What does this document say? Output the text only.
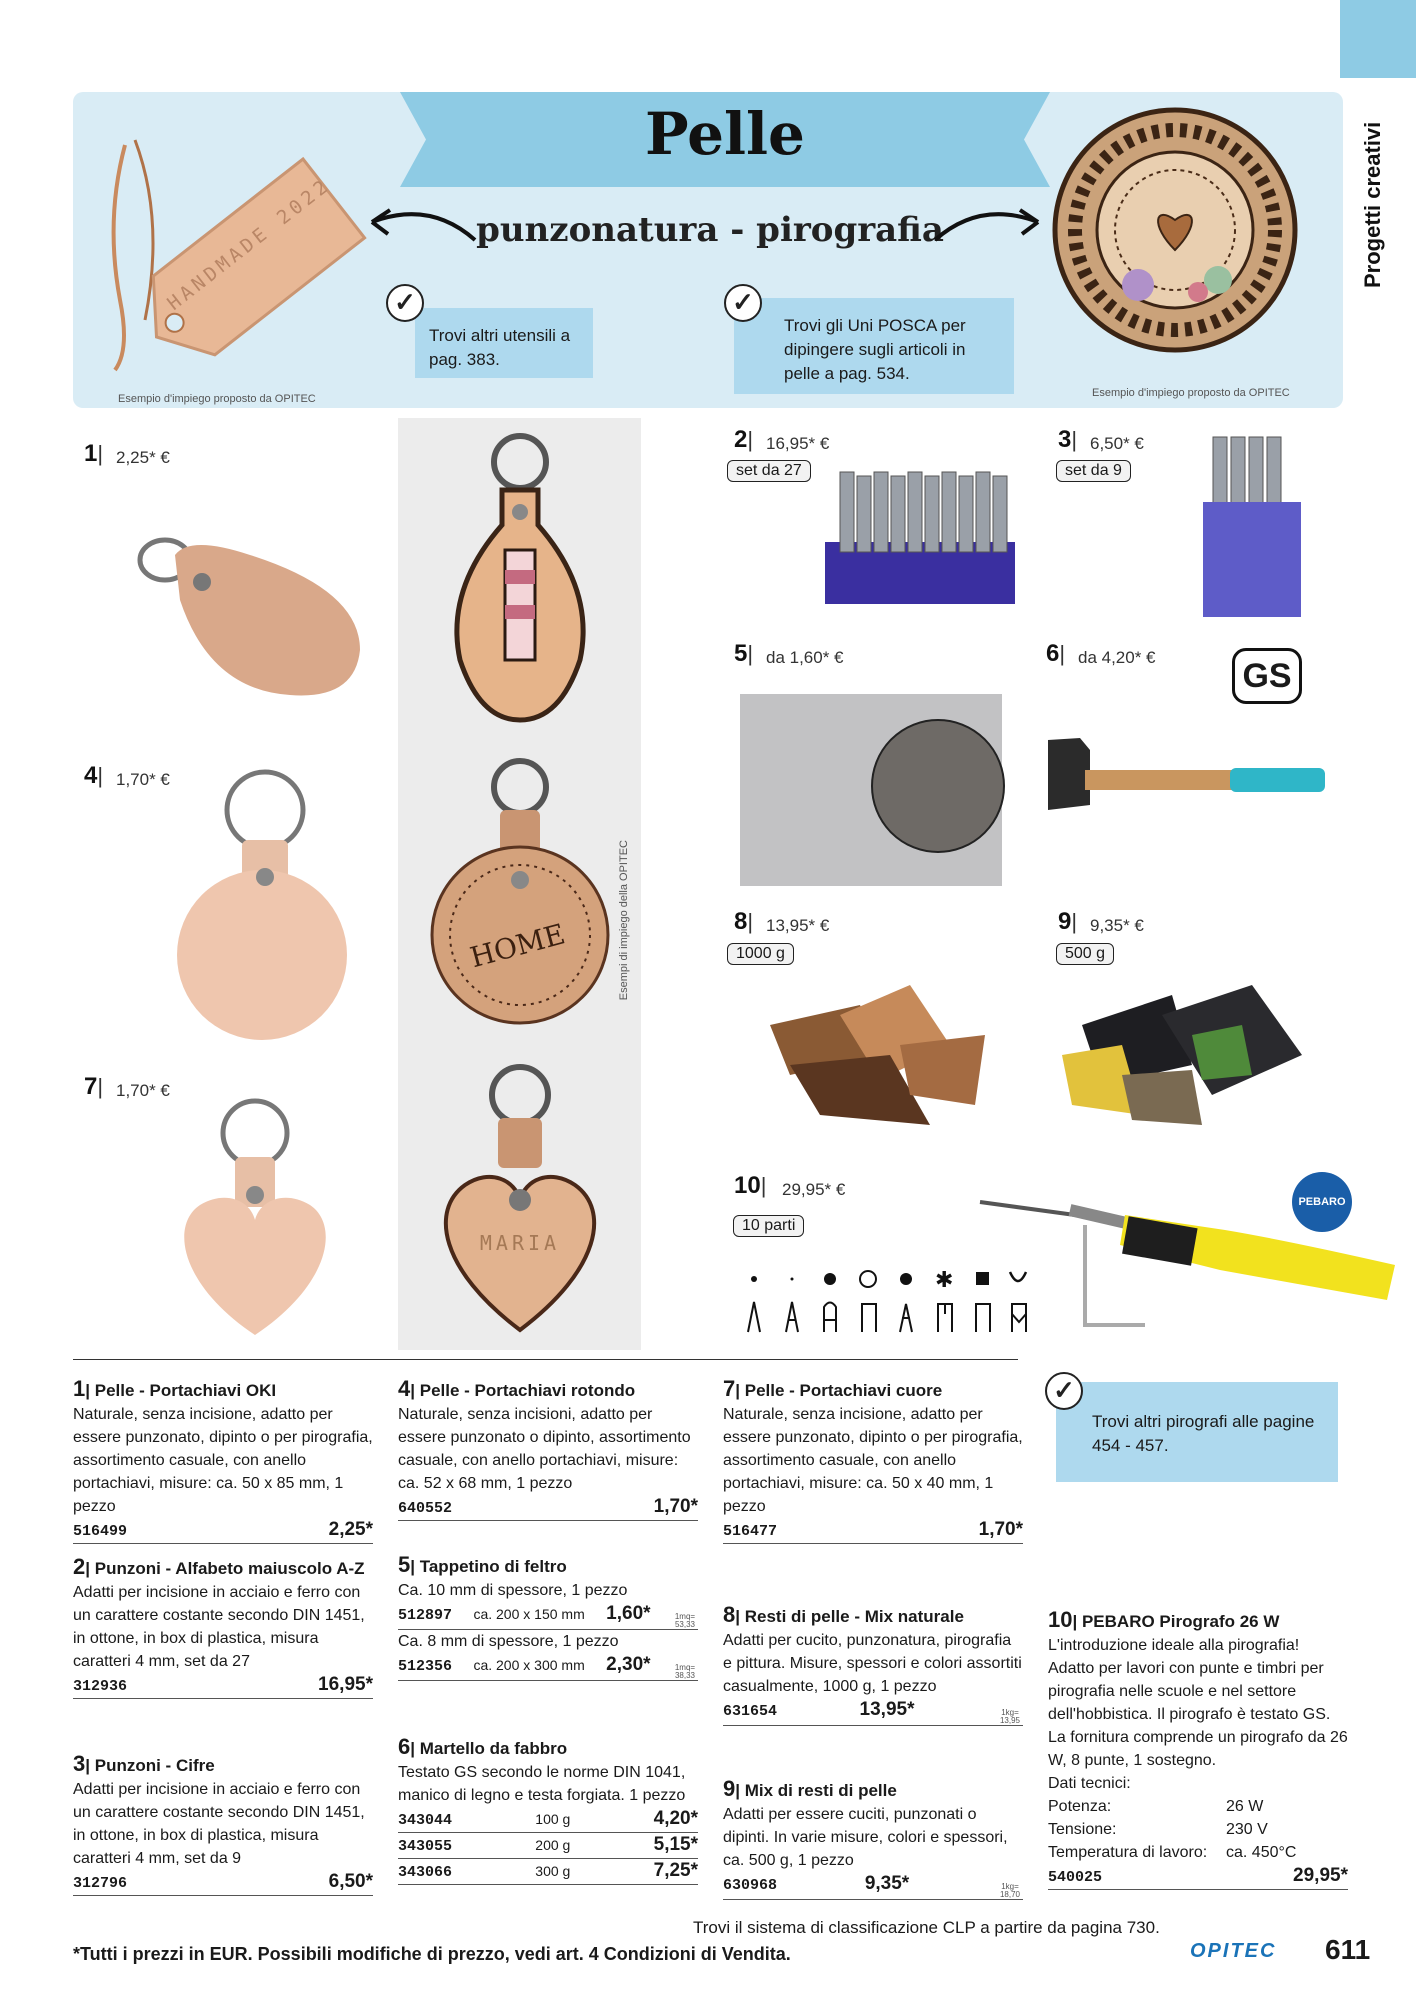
Pelle
punzonatura - pirografia
HANDMADE 2022
Esempio d'impiego proposto da OPITEC	Esempio d'impiego proposto da OPITEC
Trovi altri utensili a pag. 383.
✓
Trovi gli Uni POSCA per dipingere sugli articoli in pelle a pag. 534.
✓
Progetti creativi
Esempi di impiego della OPITEC
HOME
MARIA
1| 2,25* €
4| 1,70* €
7| 1,70* €
2| 16,95* €
set da 27
3| 6,50* €
set da 9
5| da 1,60* €	6| da 4,20* €	GS
8| 13,95* €
1000 g
9| 9,35* €
500 g
10| 29,95* €
10 parti
PEBARO
✱
Trovi altri pirografi alle pagine 454 - 457.
✓
1| Pelle - Portachiavi OKI
Naturale, senza incisione, adatto per essere punzonato, dipinto o per pirografia, assortimento casuale, con anello portachiavi, misure: ca. 50 x 85 mm, 1 pezzo
516499	2,25*
2| Punzoni - Alfabeto maiuscolo A-Z
Adatti per incisione in acciaio e ferro con un carattere costante secondo DIN 1451, in ottone, in box di plastica, misura caratteri 4 mm, set da 27
312936	16,95*
3| Punzoni - Cifre
Adatti per incisione in acciaio e ferro con un carattere costante secondo DIN 1451, in ottone, in box di plastica, misura caratteri 4 mm, set da 9
312796	6,50*
4| Pelle - Portachiavi rotondo
Naturale, senza incisioni, adatto per essere punzonato o dipinto, assortimento casuale, con anello portachiavi, misure: ca. 52 x 68 mm, 1 pezzo
640552	1,70*
5| Tappetino di feltro
Ca. 10 mm di spessore, 1 pezzo
512897 ca. 200 x 150 mm 1,60*	1mq= 53,33
Ca. 8 mm di spessore, 1 pezzo
512356 ca. 200 x 300 mm 2,30*	1mq= 38,33
6| Martello da fabbro
Testato GS secondo le norme DIN 1041, manico di legno e testa forgiata. 1 pezzo
343044	100 g	4,20*
343055	200 g	5,15*
343066	300 g	7,25*
7| Pelle - Portachiavi cuore
Naturale, senza incisione, adatto per essere punzonato, dipinto o per pirografia, assortimento casuale, con anello portachiavi, misure: ca. 50 x 40 mm, 1 pezzo
516477	1,70*
8| Resti di pelle - Mix naturale
Adatti per cucito, punzonatura, pirografia e pittura. Misure, spessori e colori assortiti casualmente, 1000 g, 1 pezzo
631654	13,95*	1kg= 13,95
9| Mix di resti di pelle
Adatti per essere cuciti, punzonati o dipinti. In varie misure, colori e spessori, ca. 500 g, 1 pezzo
630968	9,35*	1kg= 18,70
10| PEBARO Pirografo 26 W
L'introduzione ideale alla pirografia! Adatto per lavori con punte e timbri per pirografia nelle scuole e nel settore dell'hobbistica. Il pirografo è testato GS. La fornitura comprende un pirografo da 26 W, 8 punte, 1 sostegno.
Dati tecnici:
Potenza:	26 W
Tensione:	230 V
Temperatura di lavoro:	ca. 450°C
540025	29,95*
Trovi il sistema di classificazione CLP a partire da pagina 730.
*Tutti i prezzi in EUR. Possibili modifiche di prezzo, vedi art. 4 Condizioni di Vendita.	OPITEC 611
